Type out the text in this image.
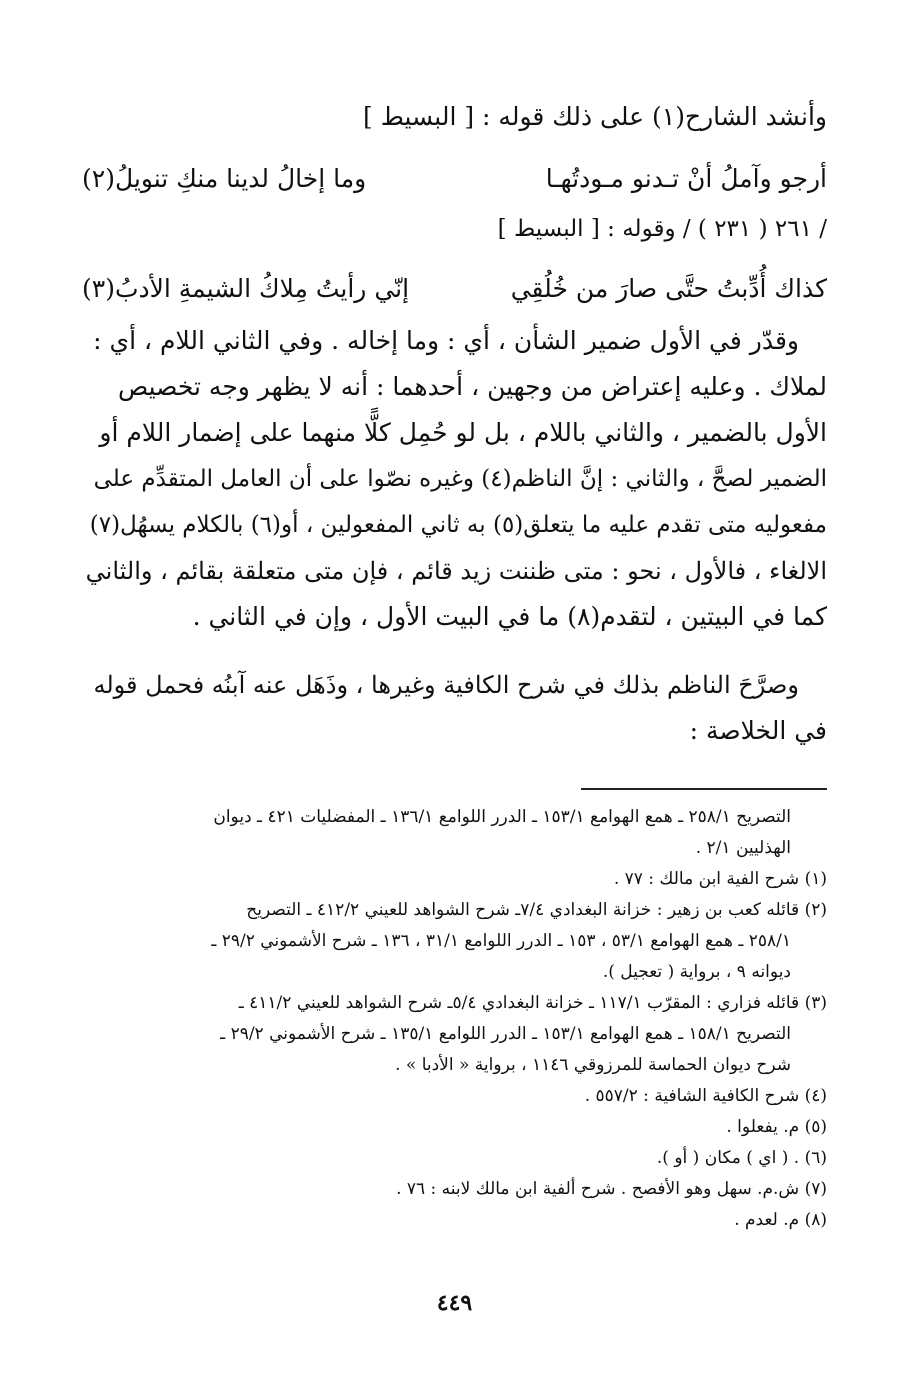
وأنشد الشارح(١) على ذلك قوله : [ البسيط ]
أرجو وآملُ أنْ تـدنو مـودتُهـا
وما إخالُ لدينا منكِ تنويلُ(٢)
/ ٢٦١ ( ٢٣١ ) / وقوله : [ البسيط ]
كذاك أُدِّبتُ حتَّى صارَ من خُلُقِي
إنّي رأيتُ مِلاكُ الشيمةِ الأدبُ(٣)
وقدّر في الأول ضمير الشأن ، أي : وما إخاله . وفي الثاني اللام ، أي :
لملاك . وعليه إعتراض من وجهين ، أحدهما : أنه لا يظهر وجه تخصيص
الأول بالضمير ، والثاني باللام ، بل لو حُمِل كلًّا منهما على إضمار اللام أو
الضمير لصحَّ ، والثاني : إنَّ الناظم(٤) وغيره نصّوا على أن العامل المتقدِّم على
مفعوليه متى تقدم عليه ما يتعلق(٥) به ثاني المفعولين ، أو(٦) بالكلام يسهُل(٧)
الالغاء ، فالأول ، نحو : متى ظننت زيد قائم ، فإن متى متعلقة بقائم ، والثاني
كما في البيتين ، لتقدم(٨) ما في البيت الأول ، وإن في الثاني .
وصرَّحَ الناظم بذلك في شرح الكافية وغيرها ، وذَهَل عنه آبنُه فحمل قوله
في الخلاصة :
التصريح ٢٥٨/١ ـ همع الهوامع ١٥٣/١ ـ الدرر اللوامع ١٣٦/١ ـ المفضليات ٤٢١ ـ ديوان
الهذليين ٢/١ .
(١) شرح الفية ابن مالك : ٧٧ .
(٢) قائله كعب بن زهير : خزانة البغدادي ٧/٤ـ شرح الشواهد للعيني ٤١٢/٢ ـ التصريح
٢٥٨/١ ـ همع الهوامع ٥٣/١ ، ١٥٣ ـ الدرر اللوامع ٣١/١ ، ١٣٦ ـ شرح الأشموني ٢٩/٢ ـ
ديوانه ٩ ، برواية ( تعجيل ).
(٣) قائله فزاري : المقرّب ١١٧/١ ـ خزانة البغدادي ٥/٤ـ شرح الشواهد للعيني ٤١١/٢ ـ
التصريح ١٥٨/١ ـ همع الهوامع ١٥٣/١ ـ الدرر اللوامع ١٣٥/١ ـ شرح الأشموني ٢٩/٢ ـ
شرح ديوان الحماسة للمرزوقي ١١٤٦ ، برواية « الأدبا » .
(٤) شرح الكافية الشافية : ٥٥٧/٢ .
(٥) م. يفعلوا .
(٦) . ( اي ) مكان ( أو ).
(٧) ش.م. سهل وهو الأفصح . شرح ألفية ابن مالك لابنه : ٧٦ .
(٨) م. لعدم .
٤٤٩
